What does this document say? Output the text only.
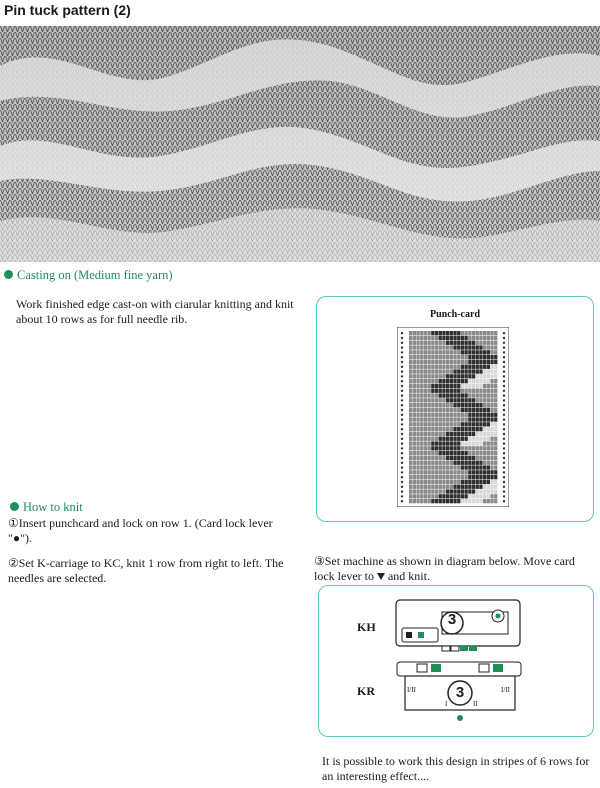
Pin tuck pattern (2)
Casting on (Medium fine yarn)
Work finished edge cast-on with ciarular knitting and knit about 10 rows as for full needle rib.	Punch-card
How to knit
①Insert punchcard and lock on row 1. (Card lock lever "●").
②Set K-carriage to KC, knit 1 row from right to left. The needles are selected.
③Set machine as shown in diagram below. Move card lock lever to and knit.
KH
KR
3
3
I/II	I/II
I	II
It is possible to work this design in stripes of 6 rows for an interesting effect....
